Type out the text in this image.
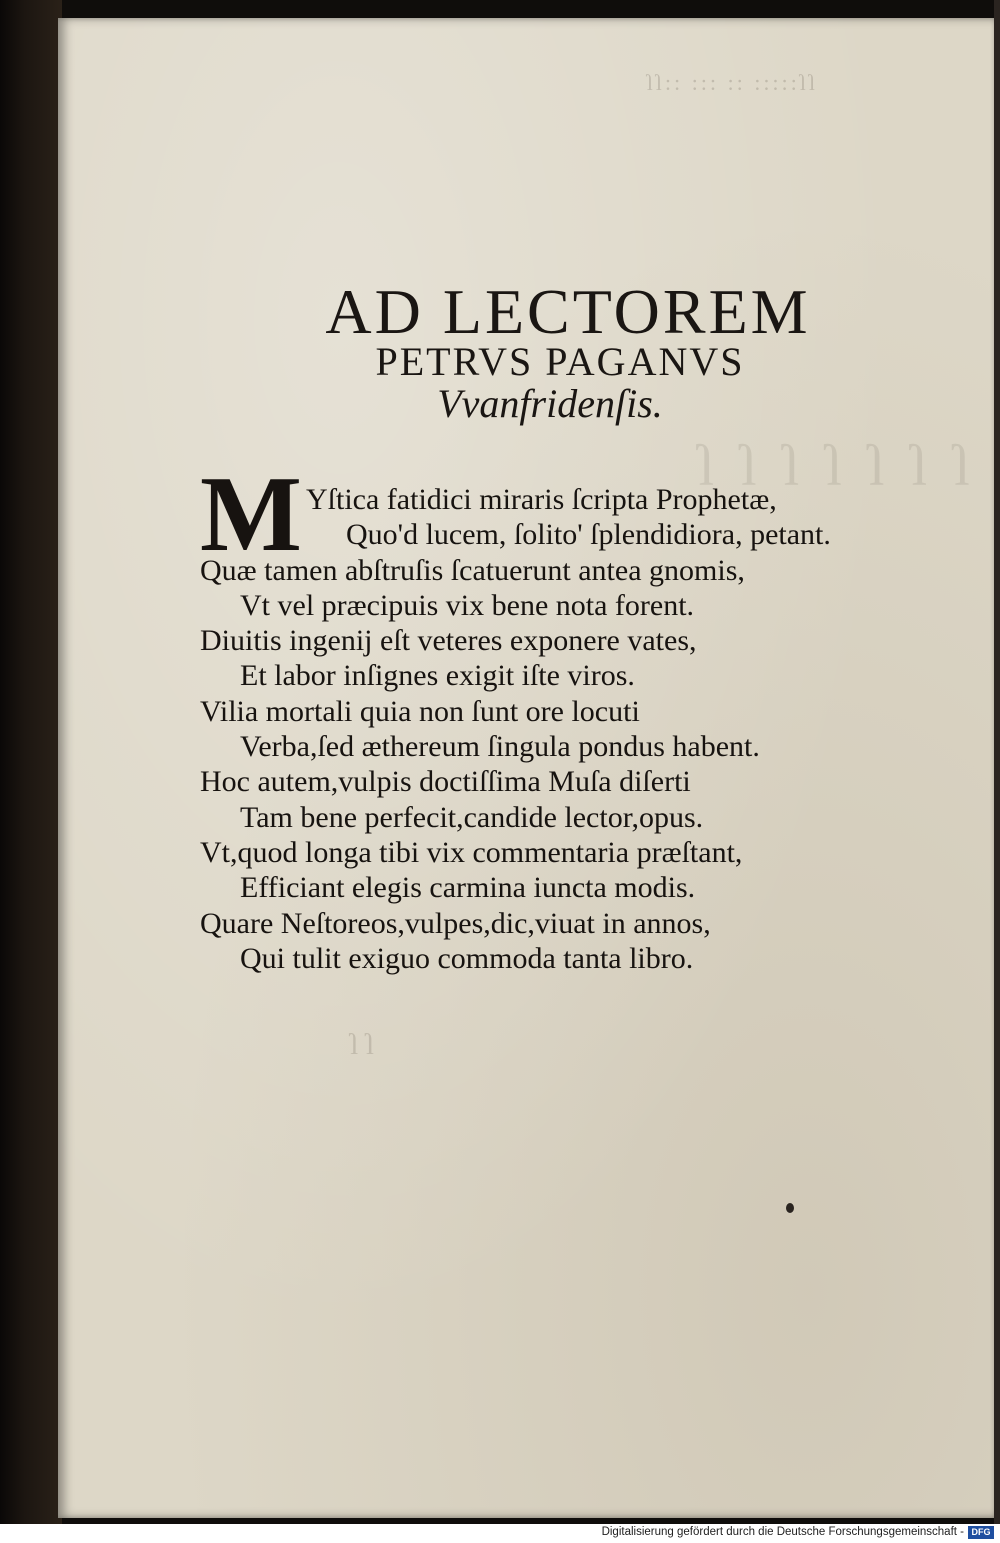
ſſ::::: :: ::: ::ſſ
ſ ſ ſ ſ ſ ſ ſ
ſ ſ
AD LECTOREM
PETRVS PAGANVS
Vvanfridenſis.
M Yſtica fatidici miraris ſcripta Prophetæ,
Quo'd lucem, ſolito' ſplendidiora, petant.
Quæ tamen abſtruſis ſcatuerunt antea gnomis,
Vt vel præcipuis vix bene nota forent.
Diuitis ingenij eſt veteres exponere vates,
Et labor inſignes exigit iſte viros.
Vilia mortali quia non ſunt ore locuti
Verba,ſed æthereum ſingula pondus habent.
Hoc autem,vulpis doctiſſima Muſa diſerti
Tam bene perfecit,candide lector,opus.
Vt,quod longa tibi vix commentaria præſtant,
Efficiant elegis carmina iuncta modis.
Quare Neſtoreos,vulpes,dic,viuat in annos,
Qui tulit exiguo commoda tanta libro.
Digitalisierung gefördert durch die Deutsche Forschungsgemeinschaft - DFG
